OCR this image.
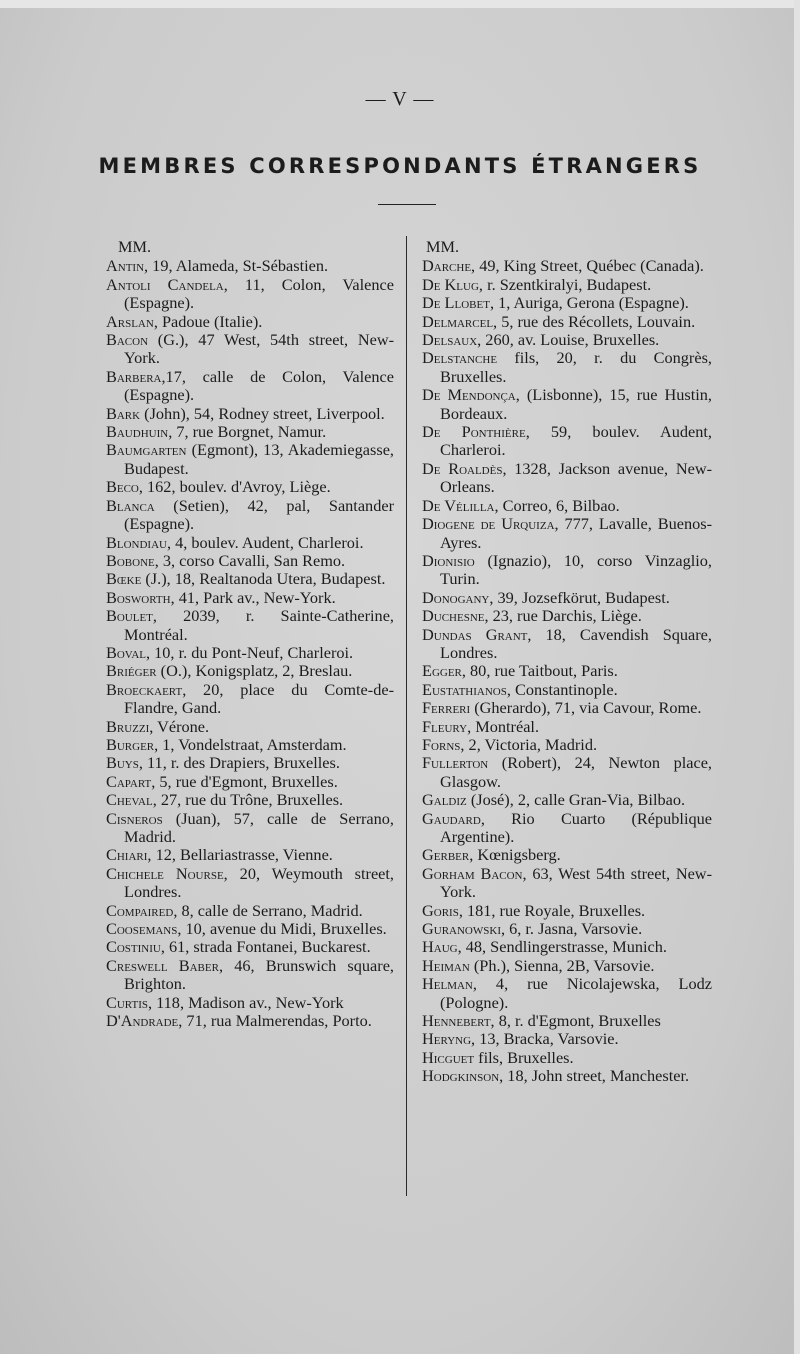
— V —
MEMBRES CORRESPONDANTS ÉTRANGERS
MM.
Antin, 19, Alameda, St-Sébastien.
Antoli Candela, 11, Colon, Valence (Espagne).
Arslan, Padoue (Italie).
Bacon (G.), 47 West, 54th street, New-York.
Barbera,17, calle de Colon, Valence (Espagne).
Bark (John), 54, Rodney street, Liverpool.
Baudhuin, 7, rue Borgnet, Namur.
Baumgarten (Egmont), 13, Akademiegasse, Budapest.
Beco, 162, boulev. d'Avroy, Liège.
Blanca (Setien), 42, pal, Santander (Espagne).
Blondiau, 4, boulev. Audent, Charleroi.
Bobone, 3, corso Cavalli, San Remo.
Bœke (J.), 18, Realtanoda Utera, Budapest.
Bosworth, 41, Park av., New-York.
Boulet, 2039, r. Sainte-Catherine, Montréal.
Boval, 10, r. du Pont-Neuf, Charleroi.
Briéger (O.), Konigsplatz, 2, Breslau.
Broeckaert, 20, place du Comte-de-Flandre, Gand.
Bruzzi, Vérone.
Burger, 1, Vondelstraat, Amsterdam.
Buys, 11, r. des Drapiers, Bruxelles.
Capart, 5, rue d'Egmont, Bruxelles.
Cheval, 27, rue du Trône, Bruxelles.
Cisneros (Juan), 57, calle de Serrano, Madrid.
Chiari, 12, Bellariastrasse, Vienne.
Chichele Nourse, 20, Weymouth street, Londres.
Compaired, 8, calle de Serrano, Madrid.
Coosemans, 10, avenue du Midi, Bruxelles.
Costiniu, 61, strada Fontanei, Buckarest.
Creswell Baber, 46, Brunswich square, Brighton.
Curtis, 118, Madison av., New-York
D'Andrade, 71, rua Malmerendas, Porto.
MM.
Darche, 49, King Street, Québec (Canada).
De Klug, r. Szentkiralyi, Budapest.
De Llobet, 1, Auriga, Gerona (Espagne).
Delmarcel, 5, rue des Récollets, Louvain.
Delsaux, 260, av. Louise, Bruxelles.
Delstanche fils, 20, r. du Congrès, Bruxelles.
De Mendonça, (Lisbonne), 15, rue Hustin, Bordeaux.
De Ponthière, 59, boulev. Audent, Charleroi.
De Roaldès, 1328, Jackson avenue, New-Orleans.
De Vélilla, Correo, 6, Bilbao.
Diogene de Urquiza, 777, Lavalle, Buenos-Ayres.
Dionisio (Ignazio), 10, corso Vinzaglio, Turin.
Donogany, 39, Jozsefkörut, Budapest.
Duchesne, 23, rue Darchis, Liège.
Dundas Grant, 18, Cavendish Square, Londres.
Egger, 80, rue Taitbout, Paris.
Eustathianos, Constantinople.
Ferreri (Gherardo), 71, via Cavour, Rome.
Fleury, Montréal.
Forns, 2, Victoria, Madrid.
Fullerton (Robert), 24, Newton place, Glasgow.
Galdiz (José), 2, calle Gran-Via, Bilbao.
Gaudard, Rio Cuarto (République Argentine).
Gerber, Kœnigsberg.
Gorham Bacon, 63, West 54th street, New-York.
Goris, 181, rue Royale, Bruxelles.
Guranowski, 6, r. Jasna, Varsovie.
Haug, 48, Sendlingerstrasse, Munich.
Heiman (Ph.), Sienna, 2B, Varsovie.
Helman, 4, rue Nicolajewska, Lodz (Pologne).
Hennebert, 8, r. d'Egmont, Bruxelles
Heryng, 13, Bracka, Varsovie.
Hicguet fils, Bruxelles.
Hodgkinson, 18, John street, Manchester.
